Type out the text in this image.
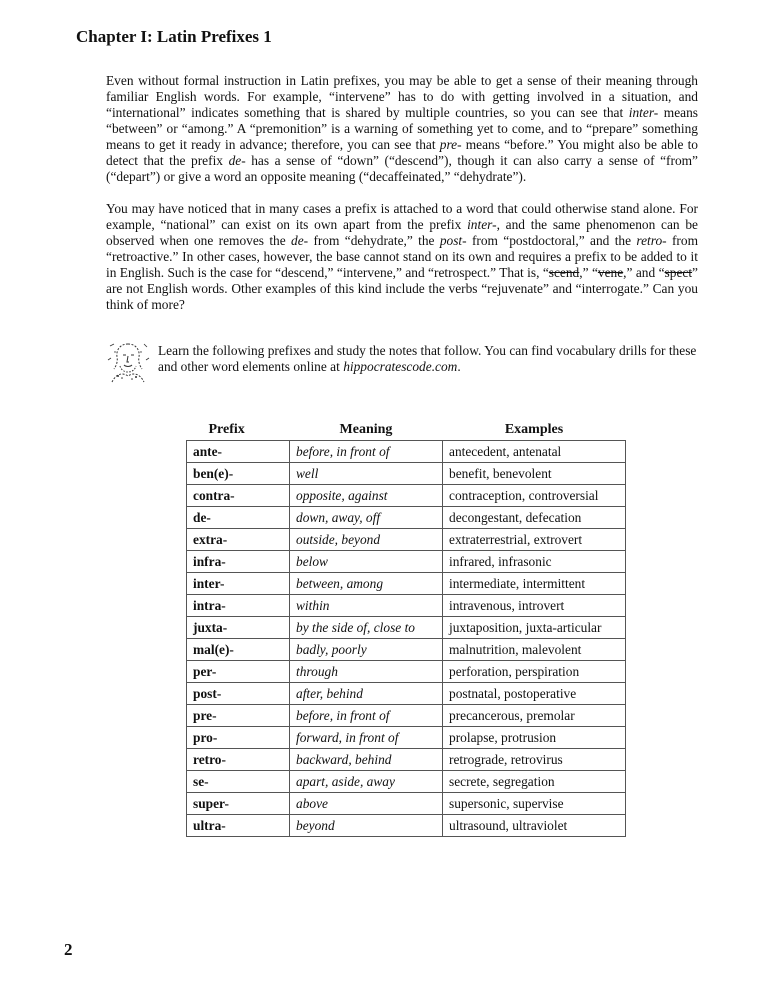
Chapter I: Latin Prefixes 1

Even without formal instruction in Latin prefixes, you may be able to get a sense of their meaning through familiar English words. For example, “intervene” has to do with getting involved in a situation, and “international” indicates something that is shared by multiple countries, so you can see that inter- means “between” or “among.” A “premonition” is a warning of something yet to come, and to “prepare” something means to get it ready in advance; therefore, you can see that pre- means “before.” You might also be able to detect that the prefix de- has a sense of “down” (“descend”), though it can also carry a sense of “from” (“depart”) or give a word an opposite meaning (“decaffeinated,” “dehydrate”).

You may have noticed that in many cases a prefix is attached to a word that could otherwise stand alone. For example, “national” can exist on its own apart from the prefix inter-, and the same phenomenon can be observed when one removes the de- from “dehydrate,” the post- from “postdoctoral,” and the retro- from “retroactive.” In other cases, however, the base cannot stand on its own and requires a prefix to be added to it in English. Such is the case for “descend,” “intervene,” and “retrospect.” That is, “scend,” “vene,” and “spect” are not English words. Other examples of this kind include the verbs “rejuvenate” and “interrogate.” Can you think of more?

Learn the following prefixes and study the notes that follow. You can find vocabulary drills for these and other word elements online at hippocratescode.com.

Prefix	Meaning	Examples
ante-	before, in front of	antecedent, antenatal
ben(e)-	well	benefit, benevolent
contra-	opposite, against	contraception, controversial
de-	down, away, off	decongestant, defecation
extra-	outside, beyond	extraterrestrial, extrovert
infra-	below	infrared, infrasonic
inter-	between, among	intermediate, intermittent
intra-	within	intravenous, introvert
juxta-	by the side of, close to	juxtaposition, juxta-articular
mal(e)-	badly, poorly	malnutrition, malevolent
per-	through	perforation, perspiration
post-	after, behind	postnatal, postoperative
pre-	before, in front of	precancerous, premolar
pro-	forward, in front of	prolapse, protrusion
retro-	backward, behind	retrograde, retrovirus
se-	apart, aside, away	secrete, segregation
super-	above	supersonic, supervise
ultra-	beyond	ultrasound, ultraviolet
2
